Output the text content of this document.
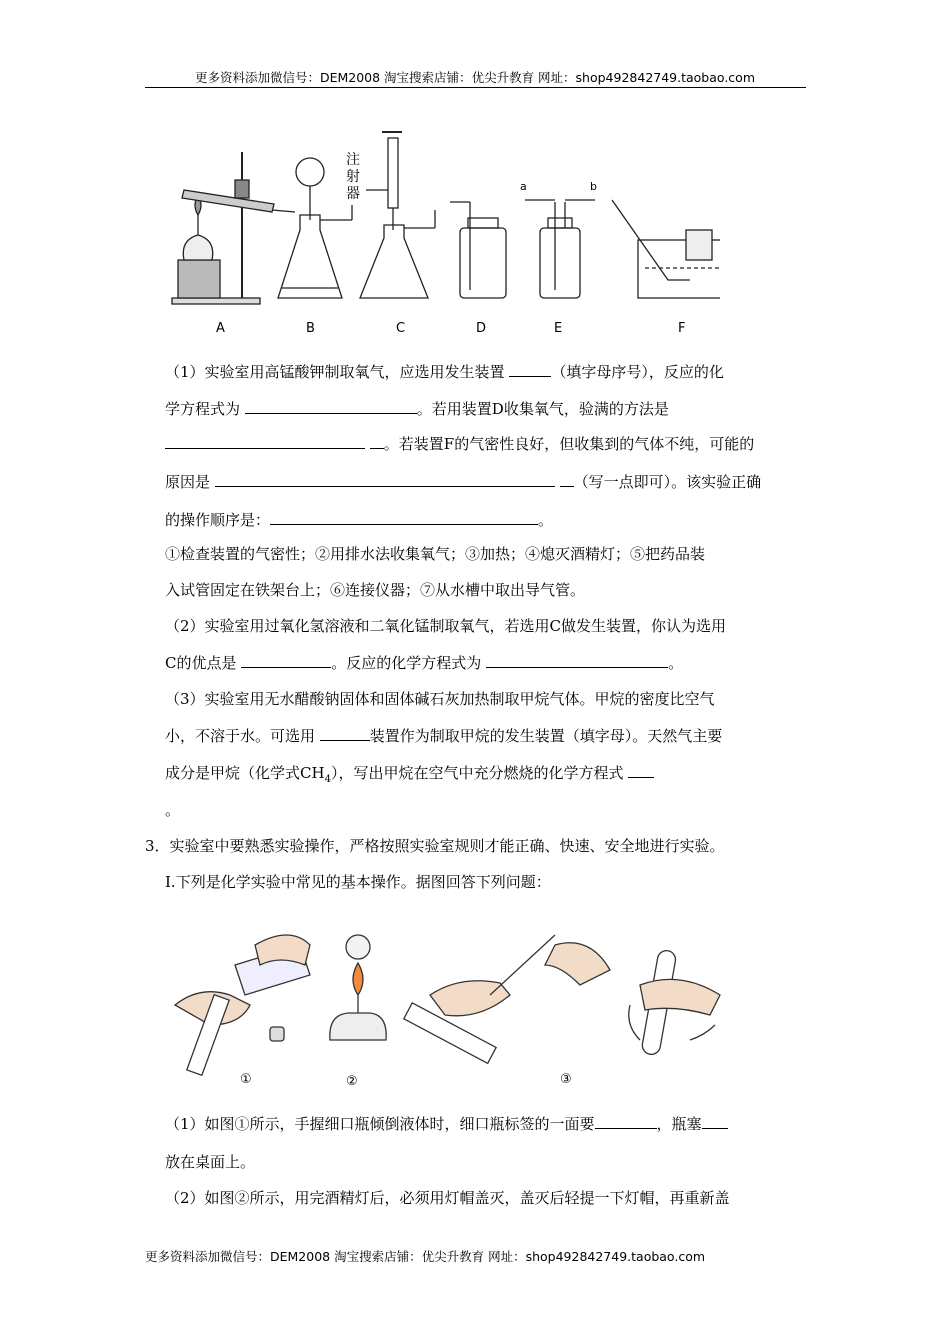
更多资料添加微信号：DEM2008 淘宝搜索店铺：优尖升教育 网址：shop492842749.taobao.com
A	B	C	D	E	F
a	b
注射器
（1）实验室用高锰酸钾制取氧气，应选用发生装置	（填字母序号），反应的化
学方程式为	。若用装置D收集氧气，验满的方法是
。若装置F的气密性良好，但收集到的气体不纯，可能的
原因是	（写一点即可）。该实验正确
的操作顺序是：	。
①检查装置的气密性；②用排水法收集氧气；③加热；④熄灭酒精灯；⑤把药品装
入试管固定在铁架台上；⑥连接仪器；⑦从水槽中取出导气管。
（2）实验室用过氧化氢溶液和二氧化锰制取氧气，若选用C做发生装置，你认为选用
C的优点是	。反应的化学方程式为	。
（3）实验室用无水醋酸钠固体和固体碱石灰加热制取甲烷气体。甲烷的密度比空气
小，不溶于水。可选用	装置作为制取甲烷的发生装置（填字母）。天然气主要
成分是甲烷（化学式$CH_4$），写出甲烷在空气中充分燃烧的化学方程式
。
3．实验室中要熟悉实验操作，严格按照实验室规则才能正确、快速、安全地进行实验。
I.下列是化学实验中常见的基本操作。据图回答下列问题：
①	②	③
（1）如图①所示，手握细口瓶倾倒液体时，细口瓶标签的一面要	，瓶塞
放在桌面上。
（2）如图②所示，用完酒精灯后，必须用灯帽盖灭，盖灭后轻提一下灯帽，再重新盖
更多资料添加微信号：DEM2008 淘宝搜索店铺：优尖升教育 网址：shop492842749.taobao.com
